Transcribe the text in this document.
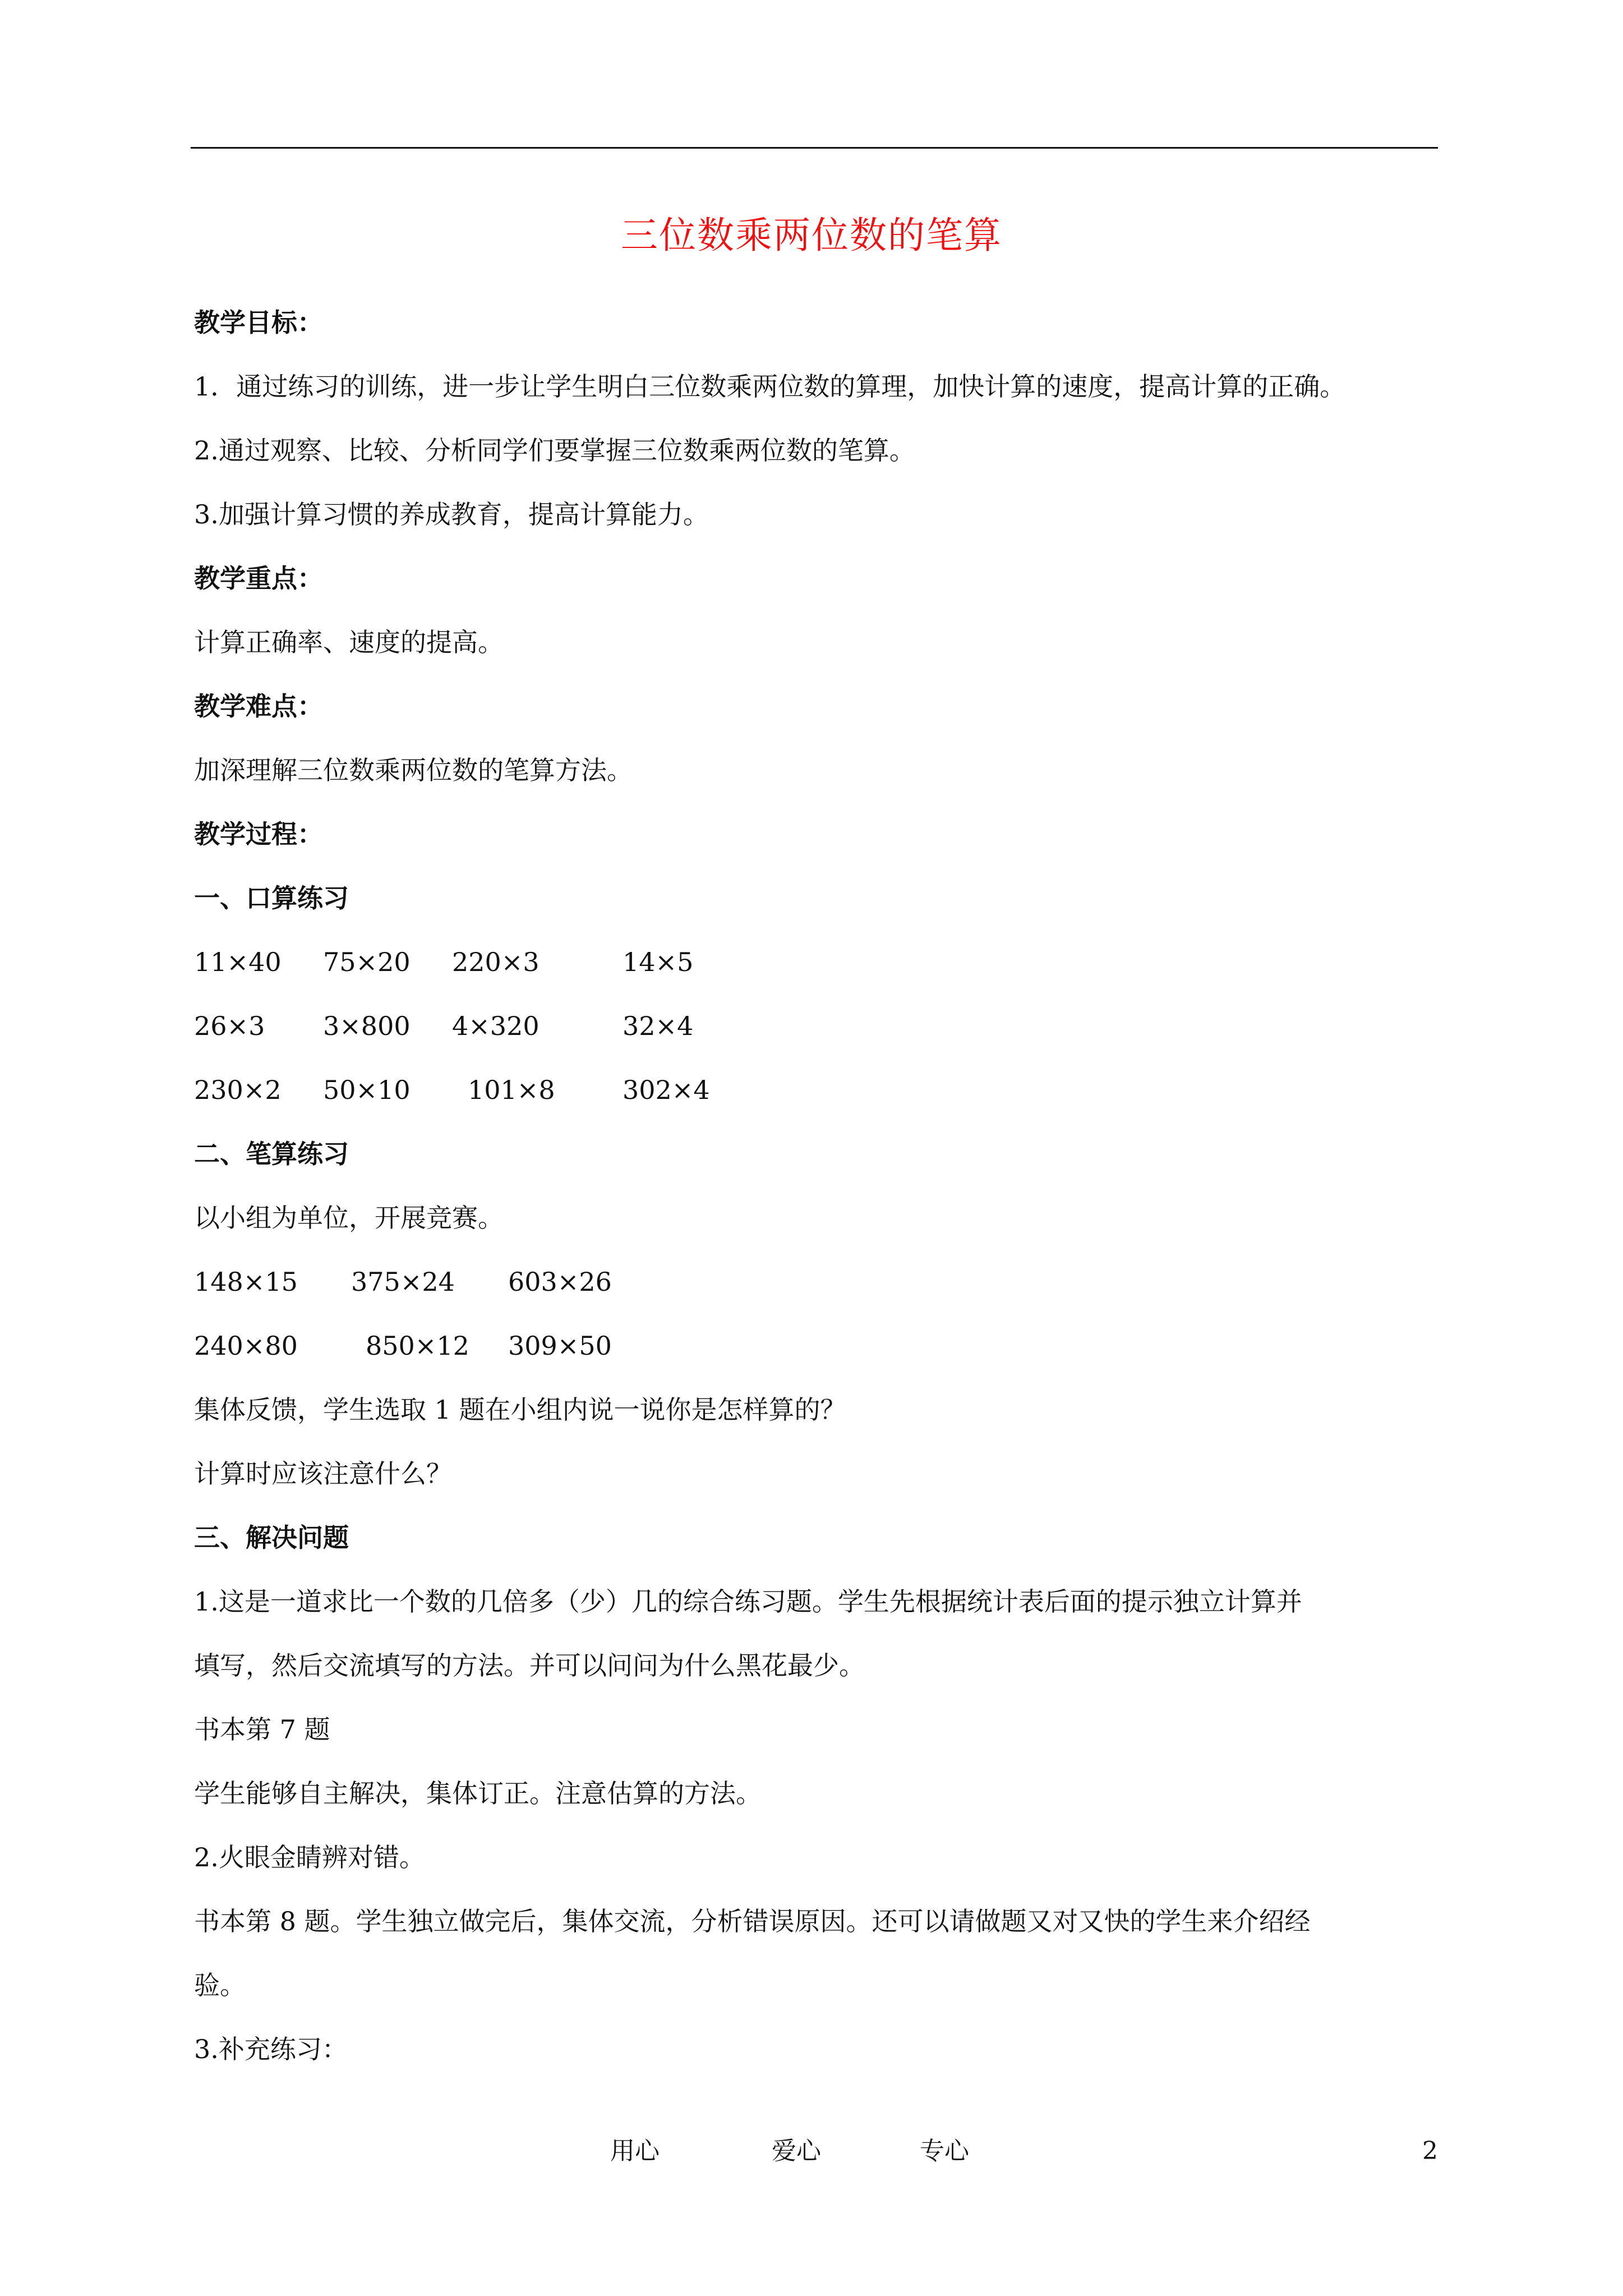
三位数乘两位数的笔算
教学目标：
1．通过练习的训练，进一步让学生明白三位数乘两位数的算理，加快计算的速度，提高计算的正确。
2.通过观察、比较、分析同学们要掌握三位数乘两位数的笔算。
3.加强计算习惯的养成教育，提高计算能力。
教学重点：
计算正确率、速度的提高。
教学难点：
加深理解三位数乘两位数的笔算方法。
教学过程：
一、口算练习
11×40 75×20 220×3	14×5
26×3 3×800 4×320	32×4
230×2 50×10 101×8	302×4
二、笔算练习
以小组为单位，开展竞赛。
148×15 375×24 603×26
240×80	850×12 309×50
集体反馈，学生选取 1 题在小组内说一说你是怎样算的？
计算时应该注意什么？
三、解决问题
1.这是一道求比一个数的几倍多（少）几的综合练习题。学生先根据统计表后面的提示独立计算并
填写，然后交流填写的方法。并可以问问为什么黑花最少。
书本第 7 题
学生能够自主解决，集体订正。注意估算的方法。
2.火眼金睛辨对错。
书本第 8 题。学生独立做完后，集体交流，分析错误原因。还可以请做题又对又快的学生来介绍经
验。
3.补充练习：
用心	爱心	专心	2
